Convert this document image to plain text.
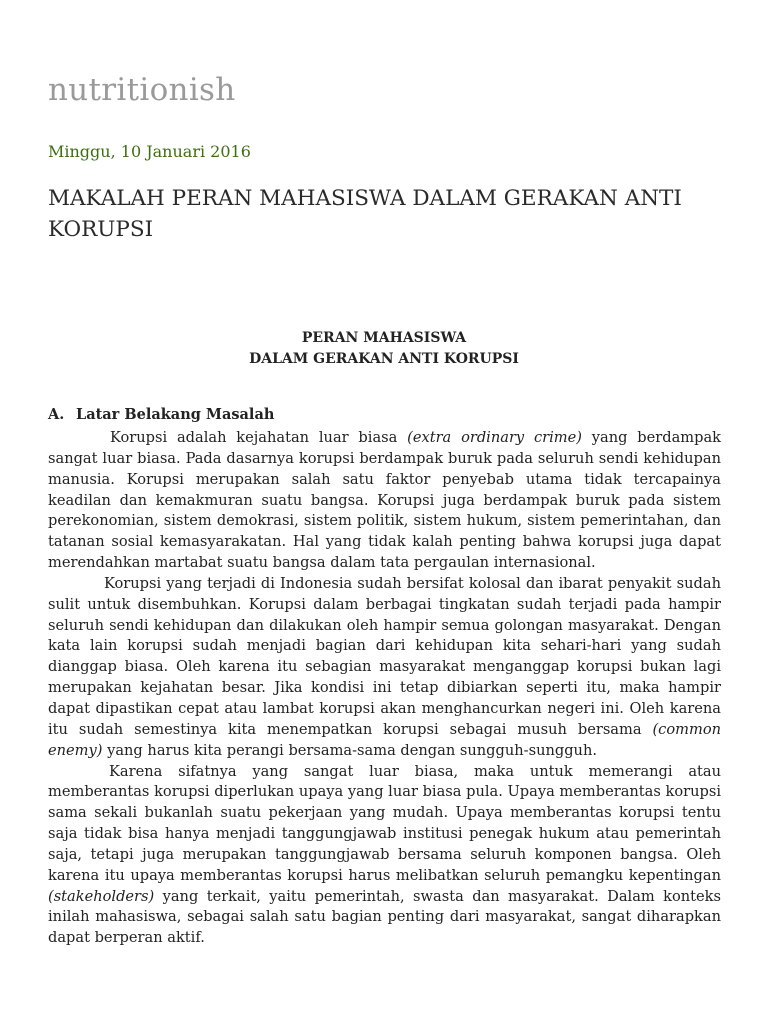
nutritionish
Minggu, 10 Januari 2016
MAKALAH PERAN MAHASISWA DALAM GERAKAN ANTI KORUPSI
PERAN MAHASISWA
DALAM GERAKAN ANTI KORUPSI
A. Latar Belakang Masalah

Korupsi adalah kejahatan luar biasa (extra ordinary crime) yang berdampak sangat luar biasa. Pada dasarnya korupsi berdampak buruk pada seluruh sendi kehidupan manusia. Korupsi merupakan salah satu faktor penyebab utama tidak tercapainya keadilan dan kemakmuran suatu bangsa. Korupsi juga berdampak buruk pada sistem perekonomian, sistem demokrasi, sistem politik, sistem hukum, sistem pemerintahan, dan tatanan sosial kemasyarakatan. Hal yang tidak kalah penting bahwa korupsi juga dapat merendahkan martabat suatu bangsa dalam tata pergaulan internasional.

Korupsi yang terjadi di Indonesia sudah bersifat kolosal dan ibarat penyakit sudah sulit untuk disembuhkan. Korupsi dalam berbagai tingkatan sudah terjadi pada hampir seluruh sendi kehidupan dan dilakukan oleh hampir semua golongan masyarakat. Dengan kata lain korupsi sudah menjadi bagian dari kehidupan kita sehari-hari yang sudah dianggap biasa. Oleh karena itu sebagian masyarakat menganggap korupsi bukan lagi merupakan kejahatan besar. Jika kondisi ini tetap dibiarkan seperti itu, maka hampir dapat dipastikan cepat atau lambat korupsi akan menghancurkan negeri ini. Oleh karena itu sudah semestinya kita menempatkan korupsi sebagai musuh bersama (common enemy) yang harus kita perangi bersama-sama dengan sungguh-sungguh.

Karena sifatnya yang sangat luar biasa, maka untuk memerangi atau memberantas korupsi diperlukan upaya yang luar biasa pula. Upaya memberantas korupsi sama sekali bukanlah suatu pekerjaan yang mudah. Upaya memberantas korupsi tentu saja tidak bisa hanya menjadi tanggungjawab institusi penegak hukum atau pemerintah saja, tetapi juga merupakan tanggungjawab bersama seluruh komponen bangsa. Oleh karena itu upaya memberantas korupsi harus melibatkan seluruh pemangku kepentingan (stakeholders) yang terkait, yaitu pemerintah, swasta dan masyarakat. Dalam konteks inilah mahasiswa, sebagai salah satu bagian penting dari masyarakat, sangat diharapkan dapat berperan aktif.
